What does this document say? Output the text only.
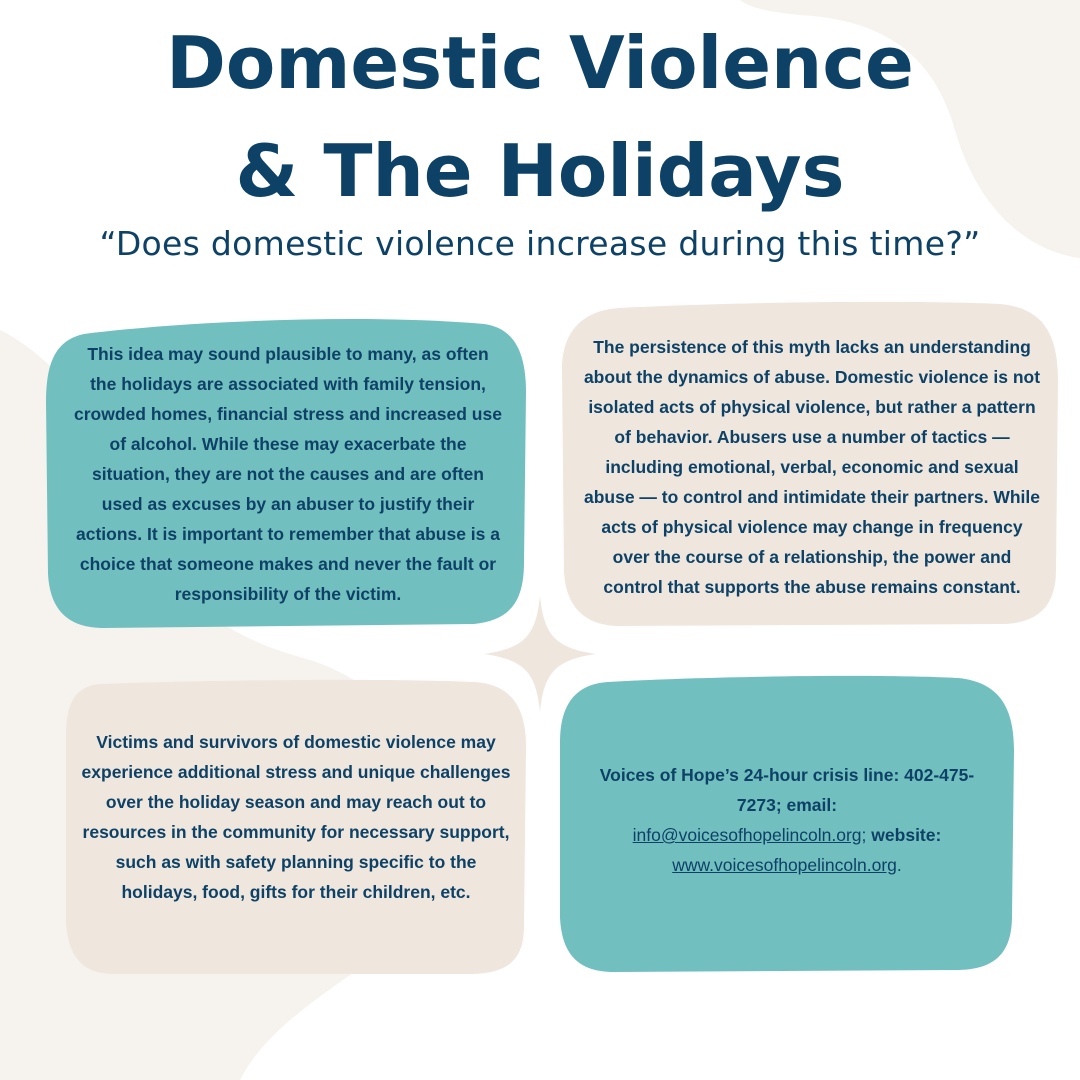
Domestic Violence
& The Holidays

“Does domestic violence increase during this time?”

This idea may sound plausible to many, as often the holidays are associated with family tension, crowded homes, financial stress and increased use of alcohol. While these may exacerbate the situation, they are not the causes and are often used as excuses by an abuser to justify their actions. It is important to remember that abuse is a choice that someone makes and never the fault or responsibility of the victim.

The persistence of this myth lacks an understanding about the dynamics of abuse. Domestic violence is not isolated acts of physical violence, but rather a pattern of behavior. Abusers use a number of tactics — including emotional, verbal, economic and sexual abuse — to control and intimidate their partners. While acts of physical violence may change in frequency over the course of a relationship, the power and control that supports the abuse remains constant.

Victims and survivors of domestic violence may experience additional stress and unique challenges over the holiday season and may reach out to resources in the community for necessary support, such as with safety planning specific to the holidays, food, gifts for their children, etc.

Voices of Hope’s 24-hour crisis line: 402-475-7273; email:
info@voicesofhopelincoln.org; website: www.voicesofhopelincoln.org.
